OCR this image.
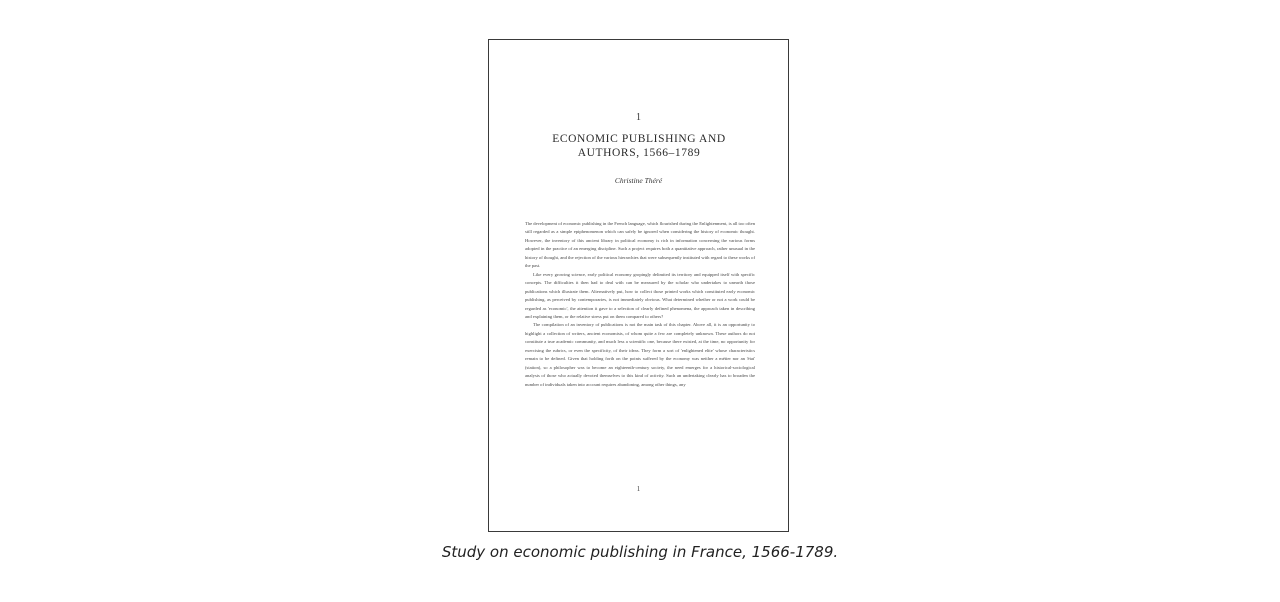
1
ECONOMIC PUBLISHING AND
AUTHORS, 1566–1789
Christine Théré

The development of economic publishing in the French language, which flourished during the Enlightenment, is all too often still regarded as a simple epiphenomenon which can safely be ignored when considering the history of economic thought. However, the inventory of this ancient library in political economy is rich in information concerning the various forms adopted in the practice of an emerging discipline. Such a project requires both a quantitative approach, rather unusual in the history of thought, and the rejection of the various hierarchies that were subsequently instituted with regard to these works of the past.

Like every growing science, early political economy gropingly delimited its territory and equipped itself with specific concepts. The difficulties it then had to deal with can be measured by the scholar who undertakes to unearth those publications which illustrate them. Alternatively put, how to collect those printed works which constituted early economic publishing, as perceived by contemporaries, is not immediately obvious. What determined whether or not a work could be regarded as 'economic', the attention it gave to a selection of clearly defined phenomena, the approach taken in describing and explaining them, or the relative stress put on them compared to others?

The compilation of an inventory of publications is not the main task of this chapter. Above all, it is an opportunity to highlight a collection of writers, ancient economists, of whom quite a few are completely unknown. These authors do not constitute a true academic community, and much less a scientific one, because there existed, at the time, no opportunity for exercising the rubrics, or even the specificity, of their ideas. They form a sort of 'enlightened elite' whose characteristics remain to be defined. Given that holding forth on the points suffered by the economy was neither a métier nor an 'état' (station), so a philosopher was to become an eighteenth-century society, the need emerges for a historical-sociological analysis of those who actually devoted themselves to this kind of activity. Such an undertaking clearly has to broaden the number of individuals taken into account requires abandoning, among other things, any

1

Study on economic publishing in France, 1566-1789.
